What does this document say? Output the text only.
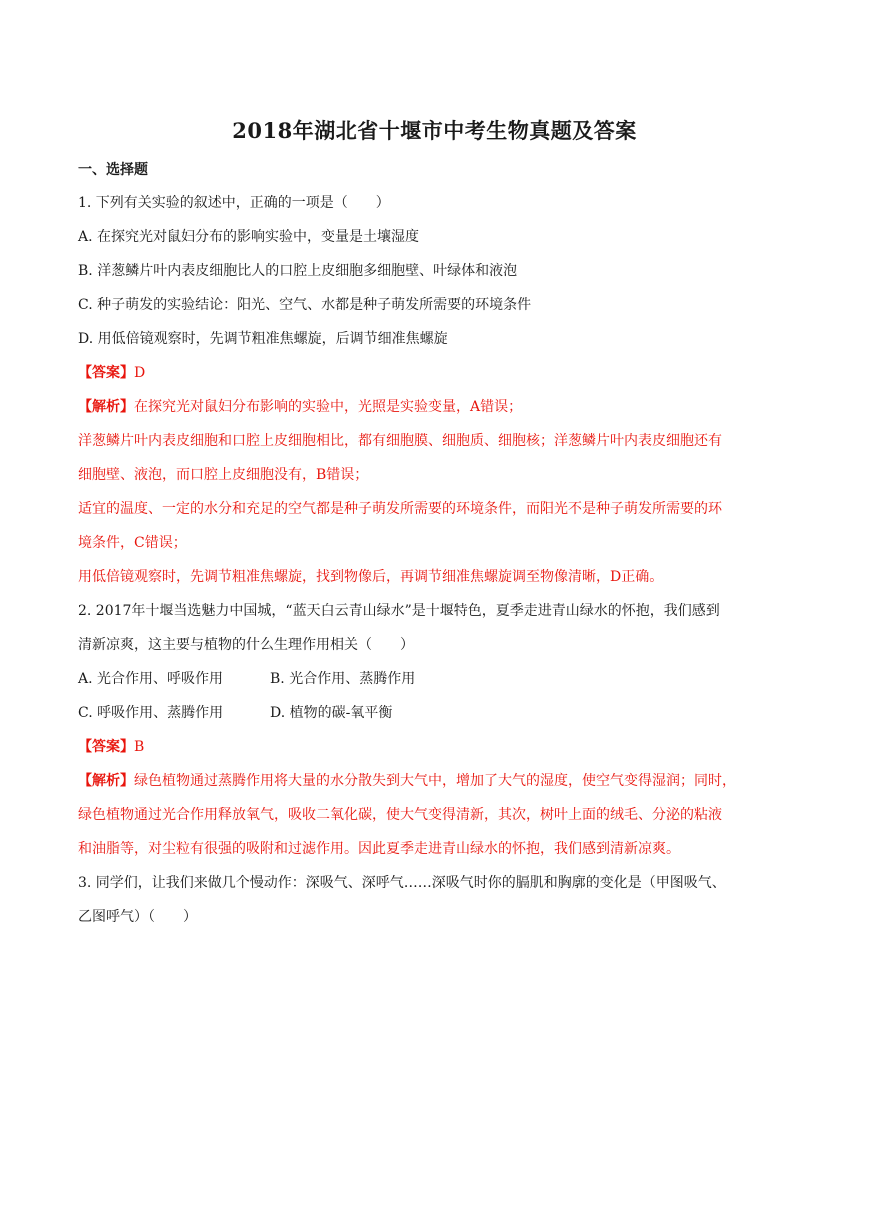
2018年湖北省十堰市中考生物真题及答案
一、选择题
1. 下列有关实验的叙述中，正确的一项是（　　）
A. 在探究光对鼠妇分布的影响实验中，变量是土壤湿度
B. 洋葱鳞片叶内表皮细胞比人的口腔上皮细胞多细胞壁、叶绿体和液泡
C. 种子萌发的实验结论：阳光、空气、水都是种子萌发所需要的环境条件
D. 用低倍镜观察时，先调节粗准焦螺旋，后调节细准焦螺旋
【答案】D
【解析】在探究光对鼠妇分布影响的实验中，光照是实验变量，A错误；
洋葱鳞片叶内表皮细胞和口腔上皮细胞相比，都有细胞膜、细胞质、细胞核；洋葱鳞片叶内表皮细胞还有
细胞壁、液泡，而口腔上皮细胞没有，B错误；
适宜的温度、一定的水分和充足的空气都是种子萌发所需要的环境条件，而阳光不是种子萌发所需要的环
境条件，C错误；
用低倍镜观察时，先调节粗准焦螺旋，找到物像后，再调节细准焦螺旋调至物像清晰，D正确。
2. 2017年十堰当选魅力中国城，“蓝天白云青山绿水”是十堰特色，夏季走进青山绿水的怀抱，我们感到
清新凉爽，这主要与植物的什么生理作用相关（　　）
A. 光合作用、呼吸作用	B. 光合作用、蒸腾作用
C. 呼吸作用、蒸腾作用	D. 植物的碳-氧平衡
【答案】B
【解析】绿色植物通过蒸腾作用将大量的水分散失到大气中，增加了大气的湿度，使空气变得湿润；同时，
绿色植物通过光合作用释放氧气，吸收二氧化碳，使大气变得清新，其次，树叶上面的绒毛、分泌的粘液
和油脂等，对尘粒有很强的吸附和过滤作用。因此夏季走进青山绿水的怀抱，我们感到清新凉爽。
3. 同学们，让我们来做几个慢动作：深吸气、深呼气……深吸气时你的膈肌和胸廓的变化是（甲图吸气、
乙图呼气）（　　）
